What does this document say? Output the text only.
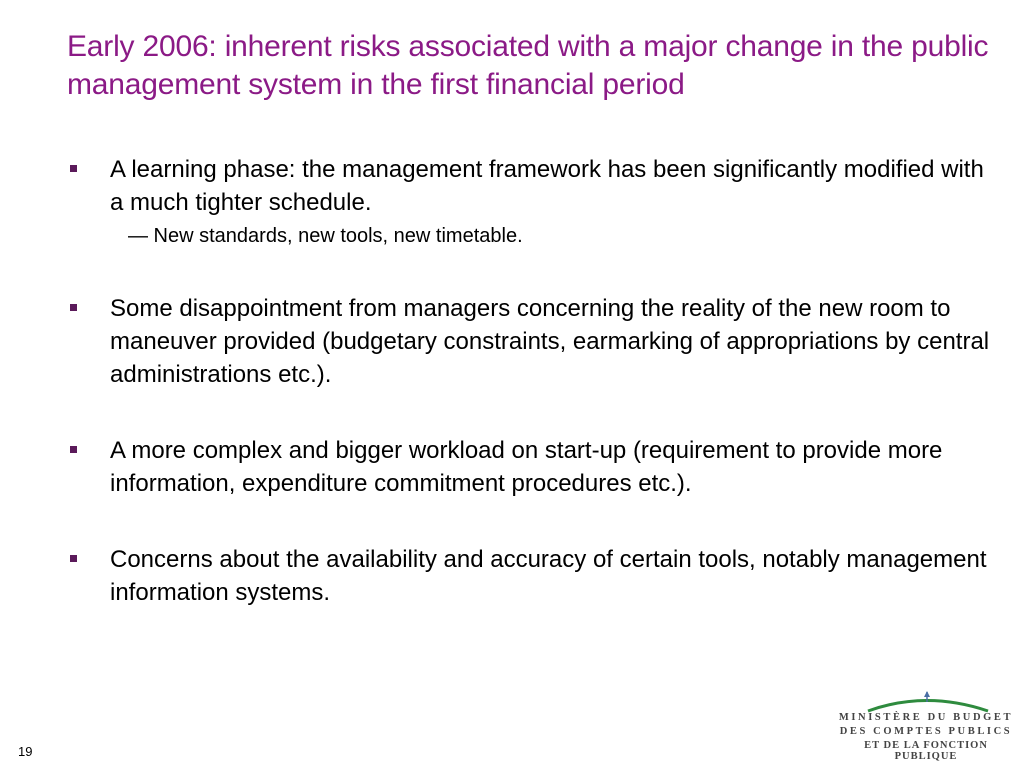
Early 2006: inherent risks associated with a major change in the public management system in the first financial period
A learning phase: the management framework has been significantly modified with a much tighter schedule.
— New standards, new tools, new timetable.
Some disappointment from managers concerning the reality of the new room to maneuver provided (budgetary constraints, earmarking of appropriations by central administrations etc.).
A more complex and bigger workload on start-up (requirement to provide more information, expenditure commitment procedures etc.).
Concerns about the availability and accuracy of certain tools, notably management information systems.
19
MINISTÈRE DU BUDGET
DES COMPTES PUBLICS
ET DE LA FONCTION PUBLIQUE
